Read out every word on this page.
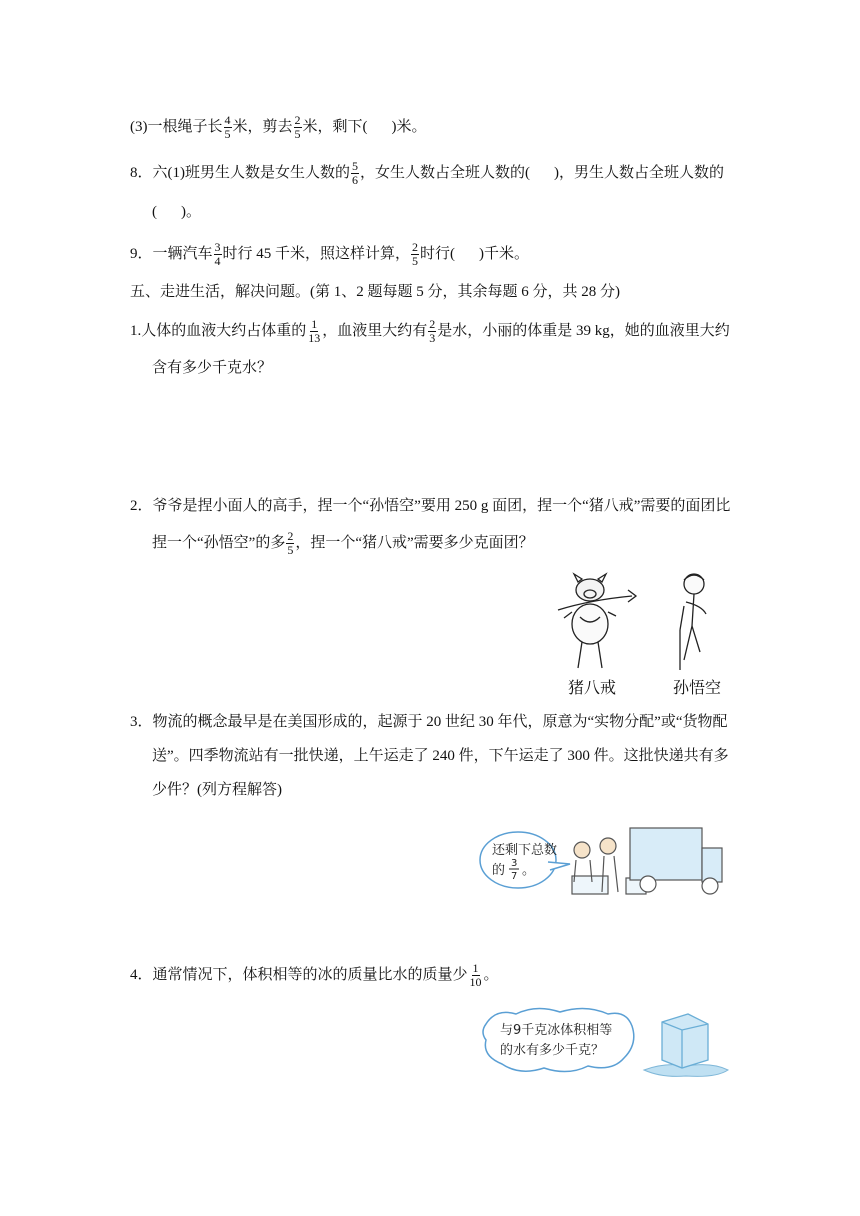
(3)一根绳子长 $\frac{4}{5}$ 米，剪去 $\frac{2}{5}$ 米，剩下( )米。
8．六(1)班男生人数是女生人数的 $\frac{5}{6}$ ，女生人数占全班人数的( )，男生人数占全班人数的
( )。
9．一辆汽车 $\frac{3}{4}$ 时行 45 千米，照这样计算， $\frac{2}{5}$ 时行( )千米。
五、走进生活，解决问题。(第 1、2 题每题 5 分，其余每题 6 分，共 28 分)
1.人体的血液大约占体重的 $\frac{1}{13}$ ，血液里大约有 $\frac{2}{3}$ 是水，小丽的体重是 39 kg，她的血液里大约
含有多少千克水？
2．爷爷是捏小面人的高手，捏一个“孙悟空”要用 250 g 面团，捏一个“猪八戒”需要的面团比
捏一个“孙悟空”的多 $\frac{2}{5}$ ，捏一个“猪八戒”需要多少克面团？
猪八戒	孙悟空
3．物流的概念最早是在美国形成的，起源于 20 世纪 30 年代，原意为“实物分配”或“货物配
送”。四季物流站有一批快递，上午运走了 240 件，下午运走了 300 件。这批快递共有多
少件？(列方程解答)
还剩下总数
的 3
7 。
4．通常情况下，体积相等的冰的质量比水的质量少 $\frac{1}{10}$ 。
与9千克冰体积相等
的水有多少千克？
